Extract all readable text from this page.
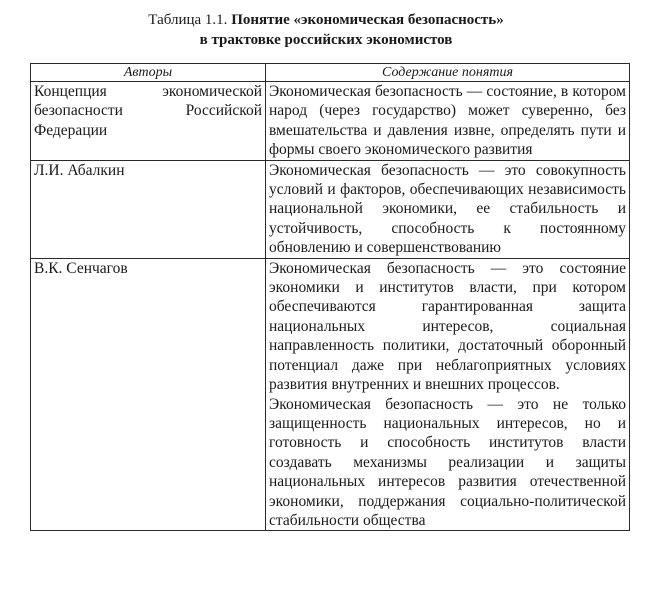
Таблица 1.1. Понятие «экономическая безопасность»
в трактовке российских экономистов
Авторы	Содержание понятия
Концепция экономической безопасности Российской Федерации	Экономическая безопасность — состояние, в котором народ (через государство) может суверенно, без вмешательства и давления извне, определять пути и формы своего экономического развития

Л.И. Абалкин	Экономическая безопасность — это совокупность условий и факторов, обеспечивающих независимость национальной экономики, ее стабильность и устойчивость, способность к постоянному обновлению и совершенствованию

В.К. Сенчагов	Экономическая безопасность — это состояние экономики и институтов власти, при котором обеспечиваются гарантированная защита национальных интересов, социальная направленность политики, достаточный оборонный потенциал даже при неблагоприятных условиях развития внутренних и внешних процессов.
Экономическая безопасность — это не только защищенность национальных интересов, но и готовность и способность институтов власти создавать механизмы реализации и защиты национальных интересов развития отечественной экономики, поддержания социально-политической стабильности общества
